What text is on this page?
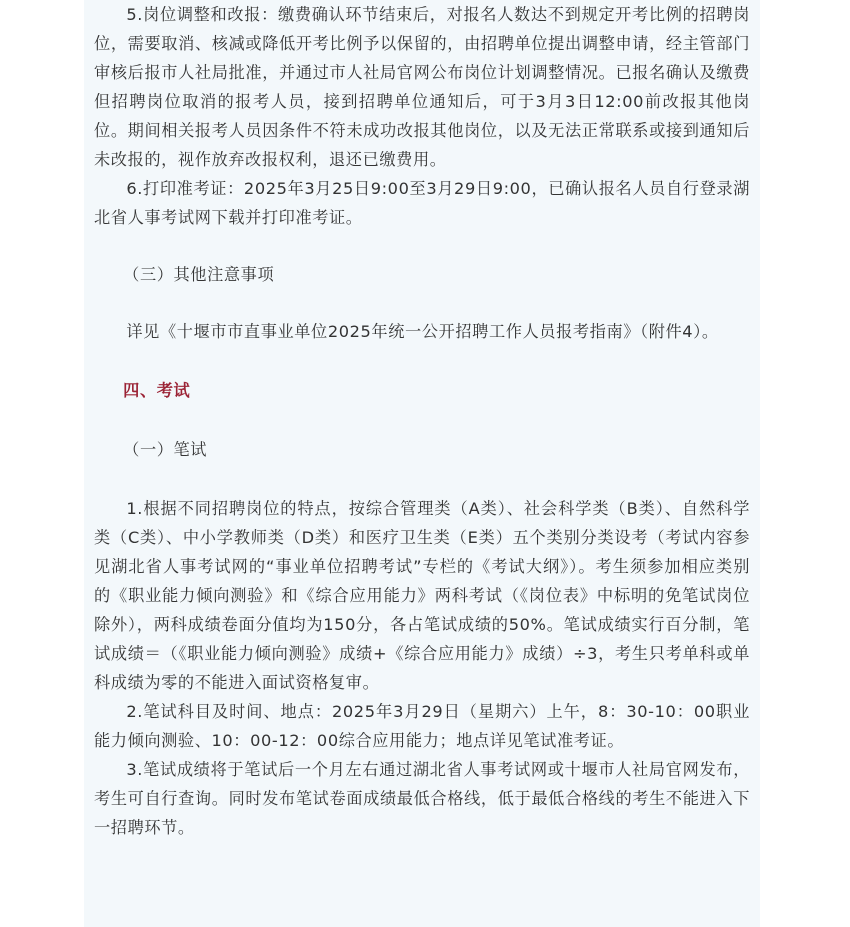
5.岗位调整和改报：缴费确认环节结束后，对报名人数达不到规定开考比例的招聘岗位，需要取消、核减或降低开考比例予以保留的，由招聘单位提出调整申请，经主管部门审核后报市人社局批准，并通过市人社局官网公布岗位计划调整情况。已报名确认及缴费但招聘岗位取消的报考人员，接到招聘单位通知后，可于3月3日12:00前改报其他岗位。期间相关报考人员因条件不符未成功改报其他岗位，以及无法正常联系或接到通知后未改报的，视作放弃改报权利，退还已缴费用。

6.打印准考证：2025年3月25日9:00至3月29日9:00，已确认报名人员自行登录湖北省人事考试网下载并打印准考证。

（三）其他注意事项

详见《十堰市市直事业单位2025年统一公开招聘工作人员报考指南》（附件4）。

四、考试

（一）笔试

1.根据不同招聘岗位的特点，按综合管理类（A类）、社会科学类（B类）、自然科学类（C类）、中小学教师类（D类）和医疗卫生类（E类）五个类别分类设考（考试内容参见湖北省人事考试网的“事业单位招聘考试”专栏的《考试大纲》）。考生须参加相应类别的《职业能力倾向测验》和《综合应用能力》两科考试（《岗位表》中标明的免笔试岗位除外），两科成绩卷面分值均为150分，各占笔试成绩的50%。笔试成绩实行百分制，笔试成绩＝（《职业能力倾向测验》成绩+《综合应用能力》成绩）÷3，考生只考单科或单科成绩为零的不能进入面试资格复审。

2.笔试科目及时间、地点：2025年3月29日（星期六）上午，8：30-10：00职业能力倾向测验、10：00-12：00综合应用能力；地点详见笔试准考证。

3.笔试成绩将于笔试后一个月左右通过湖北省人事考试网或十堰市人社局官网发布，考生可自行查询。同时发布笔试卷面成绩最低合格线，低于最低合格线的考生不能进入下一招聘环节。
